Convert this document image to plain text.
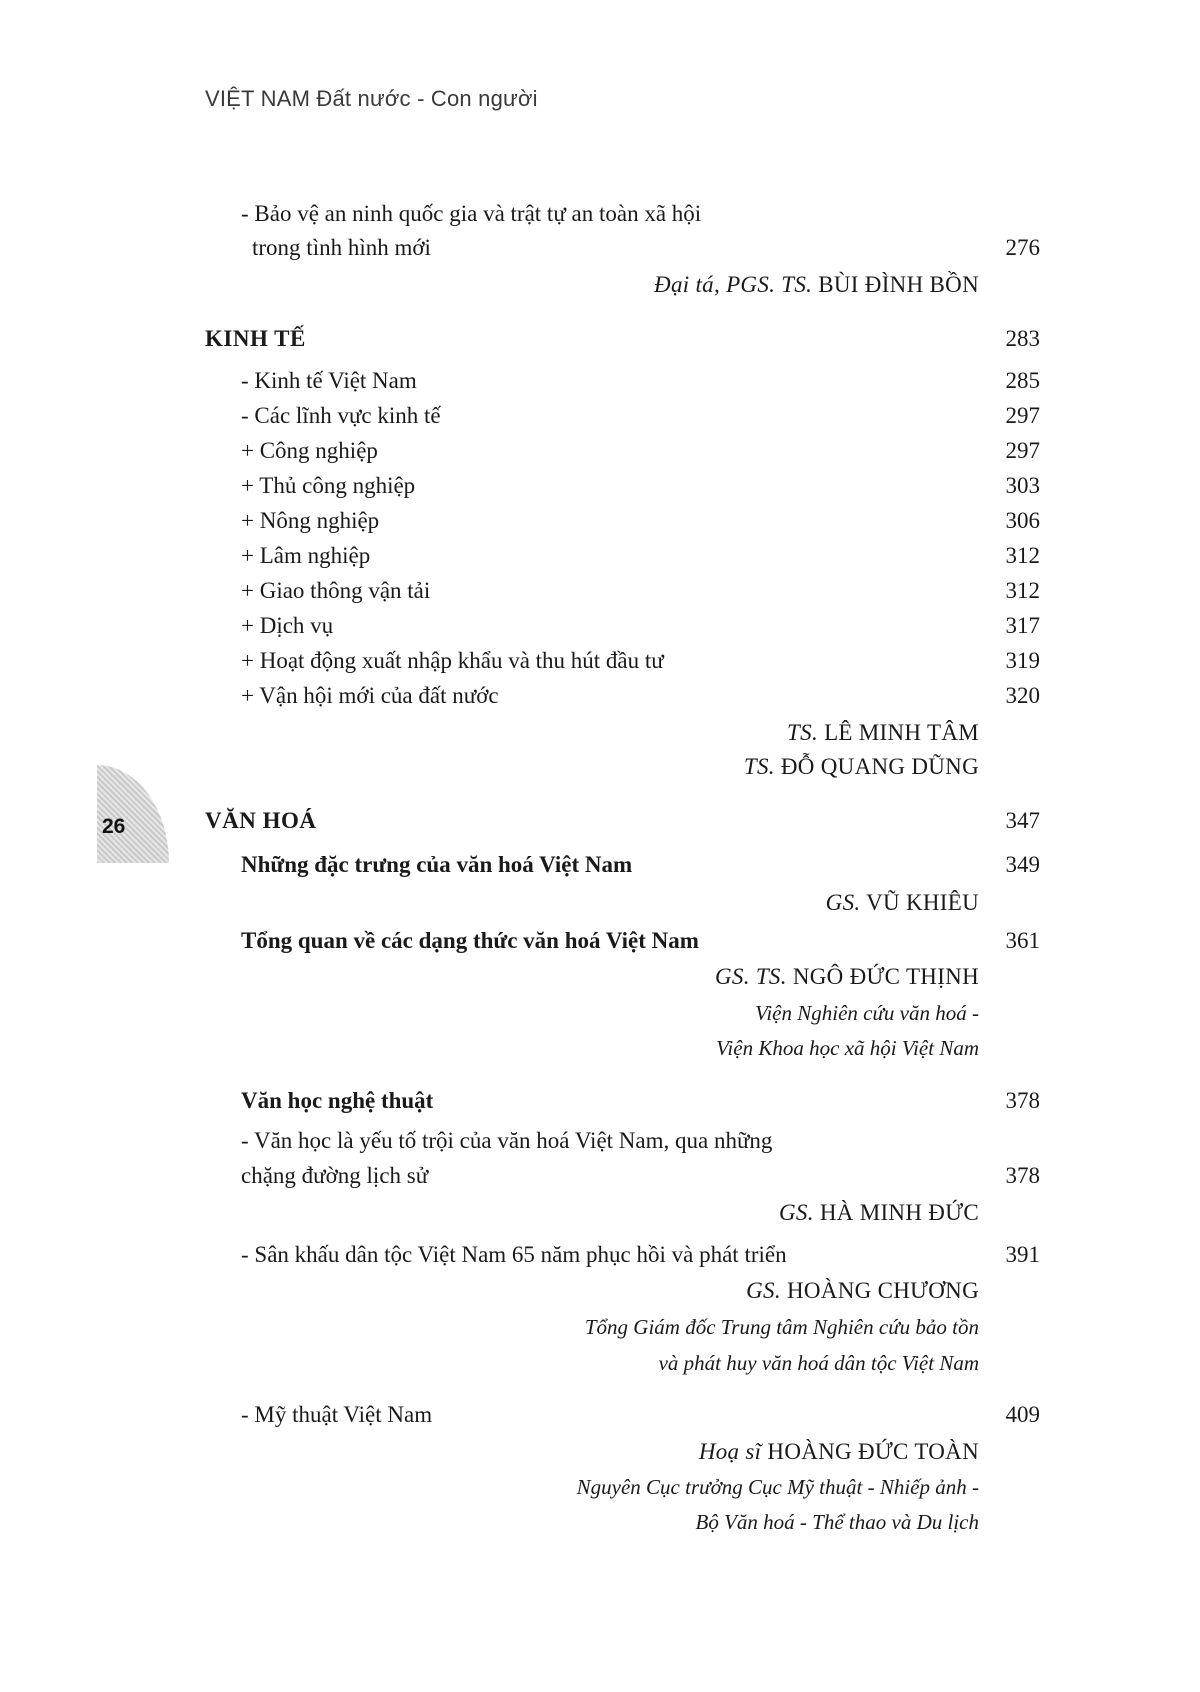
VIỆT NAM Đất nước - Con người
- Bảo vệ an ninh quốc gia và trật tự an toàn xã hội
trong tình hình mới	276
Đại tá, PGS. TS. BÙI ĐÌNH BỒN
KINH TẾ	283
- Kinh tế Việt Nam	285
- Các lĩnh vực kinh tế	297
+ Công nghiệp	297
+ Thủ công nghiệp	303
+ Nông nghiệp	306
+ Lâm nghiệp	312
+ Giao thông vận tải	312
+ Dịch vụ	317
+ Hoạt động xuất nhập khẩu và thu hút đầu tư	319
+ Vận hội mới của đất nước	320
TS. LÊ MINH TÂM
TS. ĐỖ QUANG DŨNG
26	VĂN HOÁ	347
Những đặc trưng của văn hoá Việt Nam	349
GS. VŨ KHIÊU
Tổng quan về các dạng thức văn hoá Việt Nam	361
GS. TS. NGÔ ĐỨC THỊNH
Viện Nghiên cứu văn hoá -
Viện Khoa học xã hội Việt Nam
Văn học nghệ thuật	378
- Văn học là yếu tố trội của văn hoá Việt Nam, qua những
chặng đường lịch sử	378
GS. HÀ MINH ĐỨC
- Sân khấu dân tộc Việt Nam 65 năm phục hồi và phát triển	391
GS. HOÀNG CHƯƠNG
Tổng Giám đốc Trung tâm Nghiên cứu bảo tồn
và phát huy văn hoá dân tộc Việt Nam
- Mỹ thuật Việt Nam	409
Hoạ sĩ HOÀNG ĐỨC TOÀN
Nguyên Cục trưởng Cục Mỹ thuật - Nhiếp ảnh -
Bộ Văn hoá - Thể thao và Du lịch
